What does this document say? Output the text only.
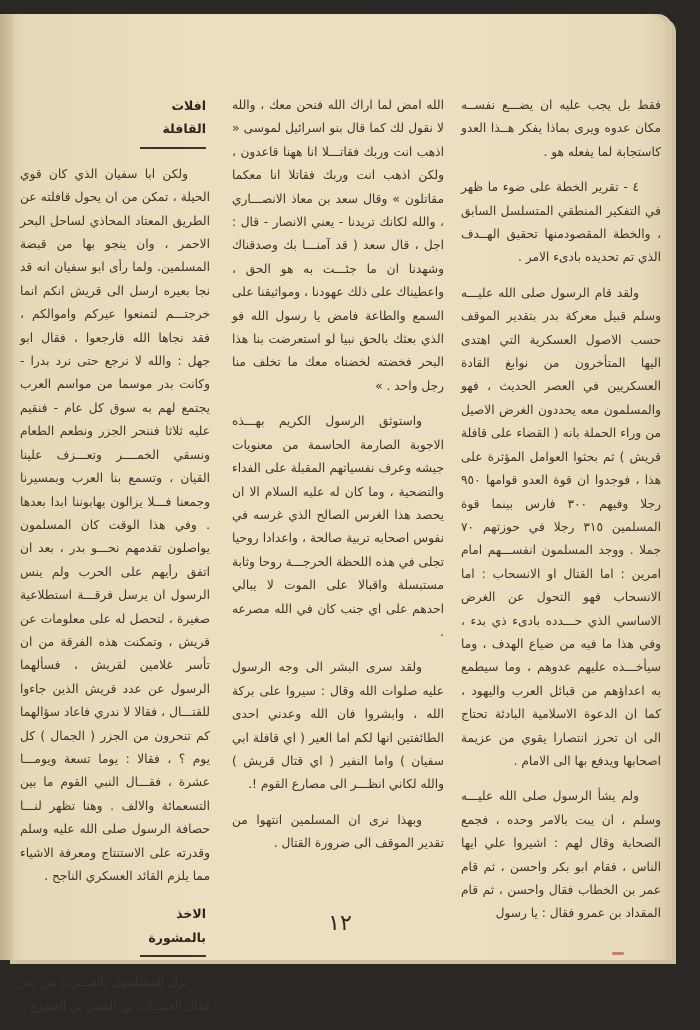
فقط بل يجب عليه ان يضـــع نفســه مكان عدوه ويرى بماذا يفكر هــذا العدو كاستجابة لما يفعله هو .

٤ - تقرير الخطة على ضوء ما ظهر في التفكير المنطقي المتسلسل السابق ، والخطة المقصودمنها تحقيق الهــدف الذي تم تحديده بادىء الامر .

ولقد قام الرسول صلى الله عليـــه وسلم قبيل معركة بدر بتقدير الموقف حسب الاصول العسكرية التي اهتدى اليها المتأخرون من نوابغ القادة العسكريين في العصر الحديث ، فهو والمسلمون معه يحددون الغرض الاصيل من وراء الحملة بانه ( القضاء على قافلة قريش ) ثم بحثوا العوامل المؤثرة على هذا ، فوجدوا ان قوة العدو قوامها ٩٥٠ رجلا وفيهم ٣٠٠ فارس بينما قوة المسلمين ٣١٥ رجلا في حوزتهم ٧٠ جملا . ووجد المسلمون انفســـهم امام امرين : اما القتال او الانسحاب : اما الانسحاب فهو التحول عن الغرض الاساسي الذي حـــدده بادىء ذي بدء ، وفي هذا ما فيه من ضياع الهدف ، وما سيأخـــذه عليهم عدوهم ، وما سيطمع به اعداؤهم من قبائل العرب واليهود ، كما ان الدعوة الاسلامية البادئة تحتاج الى ان تحرز انتصارا يقوي من عزيمة اصحابها ويدفع بها الى الامام .

ولم يشأ الرسول صلى الله عليـــه وسلم ، ان يبت بالامر وحده ، فجمع الصحابة وقال لهم : اشيروا علي ايها الناس ، فقام ابو بكر واحسن ، ثم قام عمر بن الخطاب فقال واحسن ، ثم قام المقداد بن عمرو فقال : يا رسول

الله امض لما اراك الله فنحن معك ، والله لا نقول لك كما قال بنو اسرائيل لموسى « اذهب انت وربك فقاتـــلا انا ههنا قاعدون ، ولكن اذهب انت وربك فقاتلا انا معكما مقاتلون » وقال سعد بن معاذ الانصـــاري ، والله لكانك تريدنا - يعني الانصار - قال : اجل ، قال سعد ( قد آمنـــا بك وصدقناك وشهدنا ان ما جئـــت به هو الحق ، واعطيناك على ذلك عهودنا ، ومواثيقنا على السمع والطاعة فامض يا رسول الله فو الذي بعثك بالحق نبيا لو استعرضت بنا هذا البحر فخضته لخضناه معك ما تخلف منا رجل واحد . »

واستوثق الرسول الكريم بهـــذه الاجوبة الصارمة الحاسمة من معنويات جيشه وعرف نفسياتهم المقبلة على الفداء والتضحية ، وما كان له عليه السلام الا ان يحصد هذا الغرس الصالح الذي غرسه في نفوس اصحابه تربية صالحة ، واعدادا روحيا تجلى في هذه اللحظة الحرجـــة روحا وثابة مستبسلة واقبالا على الموت لا يبالي احدهم على اي جنب كان في الله مصرعه .

ولقد سرى البشر الى وجه الرسول عليه صلوات الله وقال : سيروا على بركة الله ، وابشروا فان الله وعدني احدى الطائفتين انها لكم اما العير ( اي قافلة ابي سفيان ) واما النفير ( اي قتال قريش ) والله لكاني انظـــر الى مصارع القوم !.

وبهذا نرى ان المسلمين انتهوا من تقدير الموقف الى ضرورة القتال .

افلات القافلة

ولكن ابا سفيان الذي كان قوي الحيلة ، تمكن من ان يحول قافلته عن الطريق المعتاد المحاذي لساحل البحر الاحمر ، وان ينجو بها من قبضة المسلمين. ولما رأى ابو سفيان انه قد نجا بعيره ارسل الى قريش انكم انما خرجتـــم لتمنعوا عيركم واموالكم ، فقد نجاها الله فارجعوا ، فقال ابو جهل : والله لا نرجع حتى نرد بدرا - وكانت بدر موسما من مواسم العرب يجتمع لهم به سوق كل عام - فنقيم عليه ثلاثا فننحر الجزر ونطعم الطعام ونسقي الخمــــر وتعـــزف علينا القيان ، وتسمع بنا العرب وبمسيرنا وجمعنا فـــلا يزالون يهابوننا ابدا بعدها . وفي هذا الوقت كان المسلمون يواصلون تقدمهم نحـــو بدر ، بعد ان اتفق رأيهم على الحرب ولم ينس الرسول ان يرسل فرقـــة استطلاعية صغيرة ، لتحصل له على معلومات عن قريش ، وتمكنت هذه الفرقة من ان تأسر غلامين لقريش ، فسألهما الرسول عن عدد قريش الذين جاءوا للقتـــال ، فقالا لا ندري فاعاد سؤالهما كم تنحرون من الجزر ( الجمال ) كل يوم ؟ ، فقالا : يوما تسعة ويومـــا عشرة ، فقـــال النبي القوم ما بين التسعمائة والالف . وهنا تظهر لنـــا حصافة الرسول صلى الله عليه وسلم وقدرته على الاستنتاج ومعرفة الاشياء مما يلزم القائد العسكري الناجح .

الاخذ بالمشورة

نزل المسلمون بالقـــرب من بدر فقال الحبـــاب بن المنذر بن الجموح :

١٢
